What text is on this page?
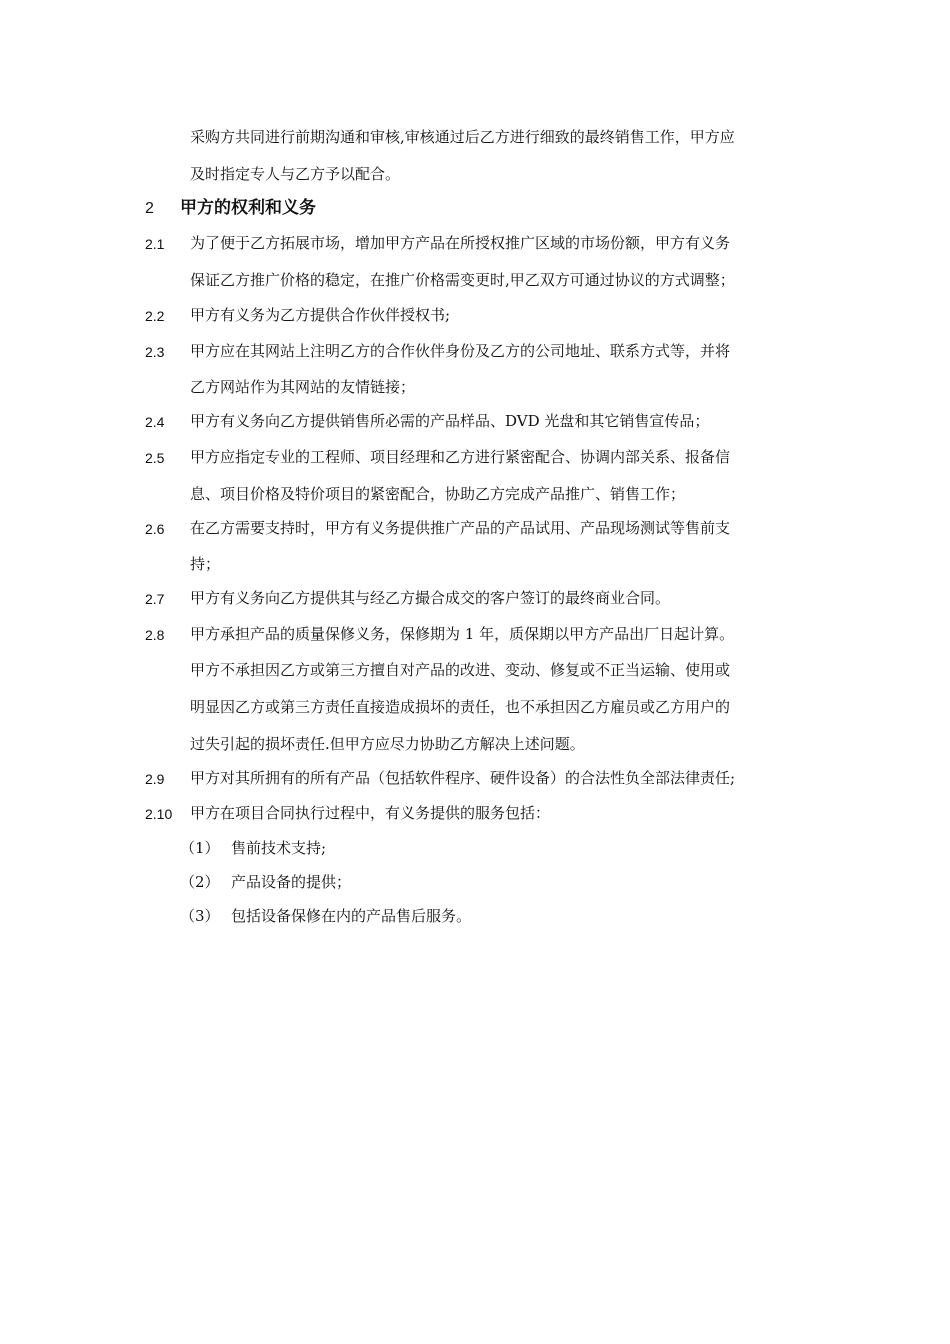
采购方共同进行前期沟通和审核,审核通过后乙方进行细致的最终销售工作，甲方应
及时指定专人与乙方予以配合。
2 甲方的权利和义务
2.1 为了便于乙方拓展市场，增加甲方产品在所授权推广区域的市场份额，甲方有义务
保证乙方推广价格的稳定，在推广价格需变更时,甲乙双方可通过协议的方式调整；
2.2 甲方有义务为乙方提供合作伙伴授权书;
2.3 甲方应在其网站上注明乙方的合作伙伴身份及乙方的公司地址、联系方式等，并将
乙方网站作为其网站的友情链接；
2.4 甲方有义务向乙方提供销售所必需的产品样品、DVD 光盘和其它销售宣传品；
2.5 甲方应指定专业的工程师、项目经理和乙方进行紧密配合、协调内部关系、报备信
息、项目价格及特价项目的紧密配合，协助乙方完成产品推广、销售工作；
2.6 在乙方需要支持时，甲方有义务提供推广产品的产品试用、产品现场测试等售前支
持；
2.7 甲方有义务向乙方提供其与经乙方撮合成交的客户签订的最终商业合同。
2.8 甲方承担产品的质量保修义务，保修期为 1 年，质保期以甲方产品出厂日起计算。
甲方不承担因乙方或第三方擅自对产品的改进、变动、修复或不正当运输、使用或
明显因乙方或第三方责任直接造成损坏的责任，也不承担因乙方雇员或乙方用户的
过失引起的损坏责任.但甲方应尽力协助乙方解决上述问题。
2.9 甲方对其所拥有的所有产品（包括软件程序、硬件设备）的合法性负全部法律责任;
2.10 甲方在项目合同执行过程中，有义务提供的服务包括：
（1） 售前技术支持;
（2） 产品设备的提供；
（3） 包括设备保修在内的产品售后服务。
